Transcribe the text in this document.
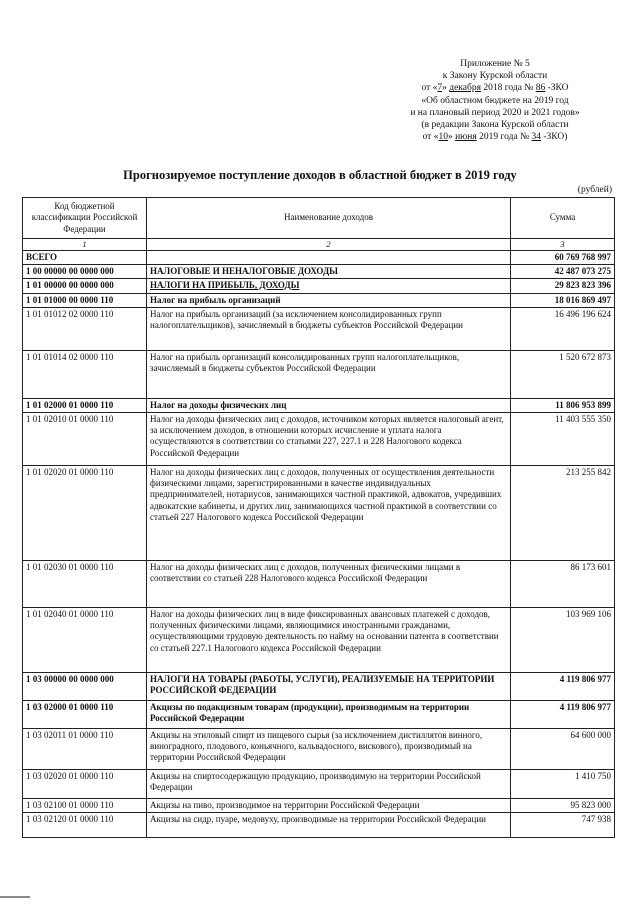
Приложение № 5
к Закону Курской области
от «7» декабря 2018 года № 86 -ЗКО
«Об областном бюджете на 2019 год
и на плановый период 2020 и 2021 годов»
(в редакции Закона Курской области
от «10» июня 2019 года № 34 -ЗКО)
Прогнозируемое поступление доходов в областной бюджет в 2019 году
(рублей)
Код бюджетной классификации Российской Федерации	Наименование доходов	Сумма
1	2	3
ВСЕГО		60 769 768 997
1 00 00000 00 0000 000	НАЛОГОВЫЕ И НЕНАЛОГОВЫЕ ДОХОДЫ	42 487 073 275
1 01 00000 00 0000 000	НАЛОГИ НА ПРИБЫЛЬ, ДОХОДЫ	29 823 823 396
1 01 01000 00 0000 110	Налог на прибыль организаций	18 016 869 497
1 01 01012 02 0000 110	Налог на прибыль организаций (за исключением консолидированных групп налогоплательщиков), зачисляемый в бюджеты субъектов Российской Федерации	16 496 196 624
1 01 01014 02 0000 110	Налог на прибыль организаций консолидированных групп налогоплательщиков, зачисляемый в бюджеты субъектов Российской Федерации	1 520 672 873
1 01 02000 01 0000 110	Налог на доходы физических лиц	11 806 953 899
1 01 02010 01 0000 110	Налог на доходы физических лиц с доходов, источником которых является налоговый агент, за исключением доходов, в отношении которых исчисление и уплата налога осуществляются в соответствии со статьями 227, 227.1 и 228 Налогового кодекса Российской Федерации	11 403 555 350
1 01 02020 01 0000 110	Налог на доходы физических лиц с доходов, полученных от осуществления деятельности физическими лицами, зарегистрированными в качестве индивидуальных предпринимателей, нотариусов, занимающихся частной практикой, адвокатов, учредивших адвокатские кабинеты, и других лиц, занимающихся частной практикой в соответствии со статьей 227 Налогового кодекса Российской Федерации	213 255 842
1 01 02030 01 0000 110	Налог на доходы физических лиц с доходов, полученных физическими лицами в соответствии со статьей 228 Налогового кодекса Российской Федерации	86 173 601
1 01 02040 01 0000 110	Налог на доходы физических лиц в виде фиксированных авансовых платежей с доходов, полученных физическими лицами, являющимися иностранными гражданами, осуществляющими трудовую деятельность по найму на основании патента в соответствии со статьей 227.1 Налогового кодекса Российской Федерации	103 969 106
1 03 00000 00 0000 000	НАЛОГИ НА ТОВАРЫ (РАБОТЫ, УСЛУГИ), РЕАЛИЗУЕМЫЕ НА ТЕРРИТОРИИ РОССИЙСКОЙ ФЕДЕРАЦИИ	4 119 806 977
1 03 02000 01 0000 110	Акцизы по подакцизным товарам (продукции), производимым на территории Российской Федерации	4 119 806 977
1 03 02011 01 0000 110	Акцизы на этиловый спирт из пищевого сырья (за исключением дистиллятов винного, виноградного, плодового, коньячного, кальвадосного, вискового), производимый на территории Российской Федерации	64 600 000
1 03 02020 01 0000 110	Акцизы на спиртосодержащую продукцию, производимую на территории Российской Федерации	1 410 750
1 03 02100 01 0000 110	Акцизы на пиво, производимое на территории Российской Федерации	95 823 000
1 03 02120 01 0000 110	Акцизы на сидр, пуаре, медовуху, производимые на территории Российской Федерации	747 938
